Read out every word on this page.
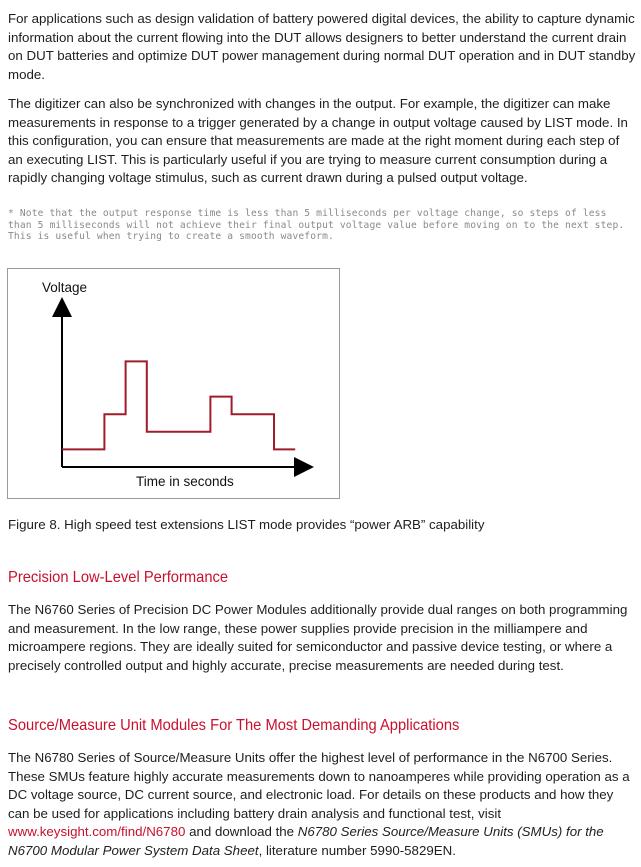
For applications such as design validation of battery powered digital devices, the ability to capture dynamic information about the current flowing into the DUT allows designers to better understand the current drain on DUT batteries and optimize DUT power management during normal DUT operation and in DUT standby mode.

The digitizer can also be synchronized with changes in the output. For example, the digitizer can make measurements in response to a trigger generated by a change in output voltage caused by LIST mode. In this configuration, you can ensure that measurements are made at the right moment during each step of an executing LIST. This is particularly useful if you are trying to measure current consumption during a rapidly changing voltage stimulus, such as current drawn during a pulsed output voltage.

* Note that the output response time is less than 5 milliseconds per voltage change, so steps of less than 5 milliseconds will not achieve their final output voltage value before moving on to the next step. This is useful when trying to create a smooth waveform.

Voltage
Time in seconds

Figure 8. High speed test extensions LIST mode provides “power ARB” capability

Precision Low-Level Performance

The N6760 Series of Precision DC Power Modules additionally provide dual ranges on both programming and measurement. In the low range, these power supplies provide precision in the milliampere and microampere regions. They are ideally suited for semiconductor and passive device testing, or where a precisely controlled output and highly accurate, precise measurements are needed during test.

Source/Measure Unit Modules For The Most Demanding Applications

The N6780 Series of Source/Measure Units offer the highest level of performance in the N6700 Series. These SMUs feature highly accurate measurements down to nanoamperes while providing operation as a DC voltage source, DC current source, and electronic load. For details on these products and how they can be used for applications including battery drain analysis and functional test, visit www.keysight.com/find/N6780 and download the N6780 Series Source/Measure Units (SMUs) for the N6700 Modular Power System Data Sheet, literature number 5990-5829EN.
